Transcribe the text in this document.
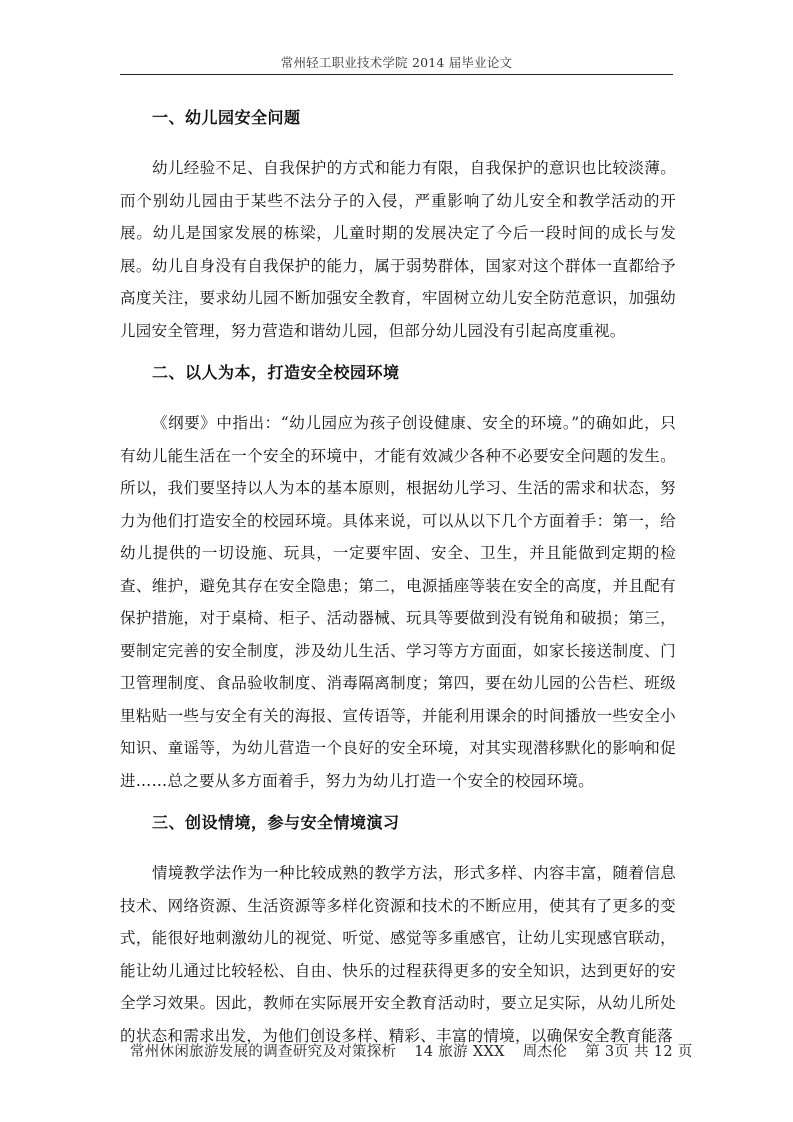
常州轻工职业技术学院 2014 届毕业论文
一、幼儿园安全问题

幼儿经验不足、自我保护的方式和能力有限，自我保护的意识也比较淡薄。而个别幼儿园由于某些不法分子的入侵，严重影响了幼儿安全和教学活动的开展。幼儿是国家发展的栋梁，儿童时期的发展决定了今后一段时间的成长与发展。幼儿自身没有自我保护的能力，属于弱势群体，国家对这个群体一直都给予高度关注，要求幼儿园不断加强安全教育，牢固树立幼儿安全防范意识，加强幼儿园安全管理，努力营造和谐幼儿园，但部分幼儿园没有引起高度重视。

二、以人为本，打造安全校园环境

《纲要》中指出：“幼儿园应为孩子创设健康、安全的环境。”的确如此，只有幼儿能生活在一个安全的环境中，才能有效减少各种不必要安全问题的发生。所以，我们要坚持以人为本的基本原则，根据幼儿学习、生活的需求和状态，努力为他们打造安全的校园环境。具体来说，可以从以下几个方面着手：第一，给幼儿提供的一切设施、玩具，一定要牢固、安全、卫生，并且能做到定期的检查、维护，避免其存在安全隐患；第二，电源插座等装在安全的高度，并且配有保护措施，对于桌椅、柜子、活动器械、玩具等要做到没有锐角和破损；第三，要制定完善的安全制度，涉及幼儿生活、学习等方方面面，如家长接送制度、门卫管理制度、食品验收制度、消毒隔离制度；第四，要在幼儿园的公告栏、班级里粘贴一些与安全有关的海报、宣传语等，并能利用课余的时间播放一些安全小知识、童谣等，为幼儿营造一个良好的安全环境，对其实现潜移默化的影响和促进……总之要从多方面着手，努力为幼儿打造一个安全的校园环境。

三、创设情境，参与安全情境演习

情境教学法作为一种比较成熟的教学方法，形式多样、内容丰富，随着信息技术、网络资源、生活资源等多样化资源和技术的不断应用，使其有了更多的变式，能很好地刺激幼儿的视觉、听觉、感觉等多重感官，让幼儿实现感官联动，能让幼儿通过比较轻松、自由、快乐的过程获得更多的安全知识，达到更好的安全学习效果。因此，教师在实际展开安全教育活动时，要立足实际，从幼儿所处的状态和需求出发，为他们创设多样、精彩、丰富的情境，以确保安全教育能落

常州休闲旅游发展的调查研究及对策探析 14 旅游 XXX 周杰伦 第 3页 共 12 页
